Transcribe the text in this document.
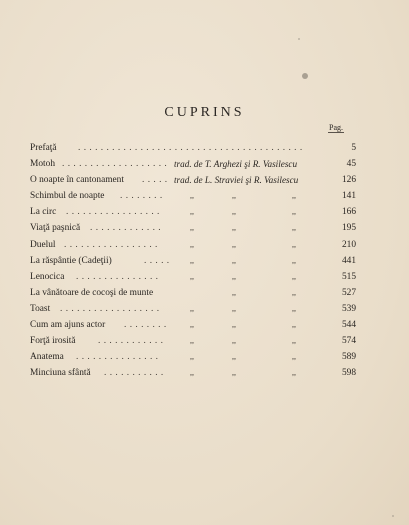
CUPRINS
Pag.
Prefaţă . . . . . . . . . . . . . . . . . . . . . . . . . . . . . . . . . . . . . . . .	5
Motoh . . . . . . . . . . . . . . . . . . . trad. de T. Arghezi şi R. Vasilescu	45
O noapte în cantonament . . . . . trad. de L. Straviei şi R. Vasilescu	126
Schimbul de noapte . . . . . . . .	,,	,,	,,	141
La circ . . . . . . . . . . . . . . . . .	,,	,,	,,	166
Viaţă paşnică . . . . . . . . . . . . .	,,	,,	,,	195
Duelul . . . . . . . . . . . . . . . . .	,,	,,	,,	210
La răspântie (Cadeţii)	. . . . .	,,	,,	,,	441
Lenocica . . . . . . . . . . . . . . .	,,	,,	,,	515
La vânătoare de cocoşi de munte	,,	,,	527
Toast . . . . . . . . . . . . . . . . . .	,,	,,	,,	539
Cum am ajuns actor . . . . . . . .	,,	,,	,,	544
Forţă irosită . . . . . . . . . . . .	,,	,,	,,	574
Anatema . . . . . . . . . . . . . . .	,,	,,	,,	589
Minciuna sfântă . . . . . . . . . . .	,,	,,	,,	598
